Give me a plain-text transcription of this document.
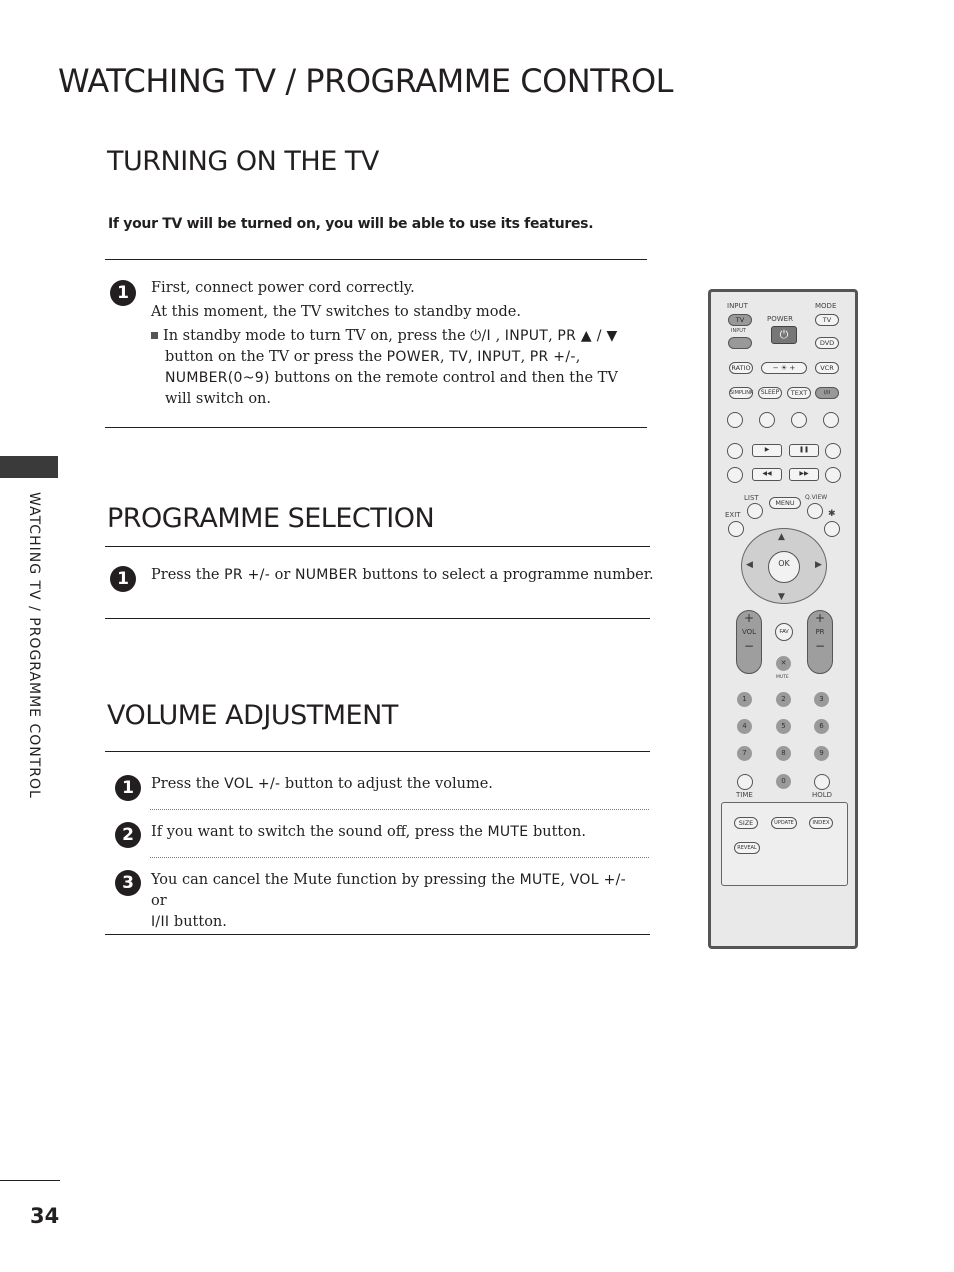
WATCHING TV / PROGRAMME CONTROL
WATCHING TV / PROGRAMME CONTROL
TURNING ON THE TV
If your TV will be turned on, you will be able to use its features.
1	First, connect power cord correctly.
At this moment, the TV switches to standby mode.
In standby mode to turn TV on, press the ⏻/I , INPUT, PR ▲ / ▼ button on the TV or press the POWER, TV, INPUT, PR +/-, NUMBER(0~9) buttons on the remote control and then the TV will switch on.
PROGRAMME SELECTION
1	Press the PR +/- or NUMBER buttons to select a programme number.
VOLUME ADJUSTMENT
1	Press the VOL +/- button to adjust the volume.
2	If you want to switch the sound off, press the MUTE button.
3	You can cancel the Mute function by pressing the MUTE, VOL +/- or
I/II button.
INPUT	MODE
POWER
TV	TV
INPUT	⏻
DVD
RATIO	− ☀ +	VCR
SIMPLINK	SLEEP	TEXT	I/II
▶	❚❚
◀◀	▶▶
LIST	Q.VIEW
EXIT	✱
MENU
▲
▼
◀	▶
OK
+
VOL
−
+
PR
−
FAV
✕
MUTE
1	2	3
4	5	6
7	8	9
0
TIME	HOLD
SIZE	UPDATE	INDEX
REVEAL
34
